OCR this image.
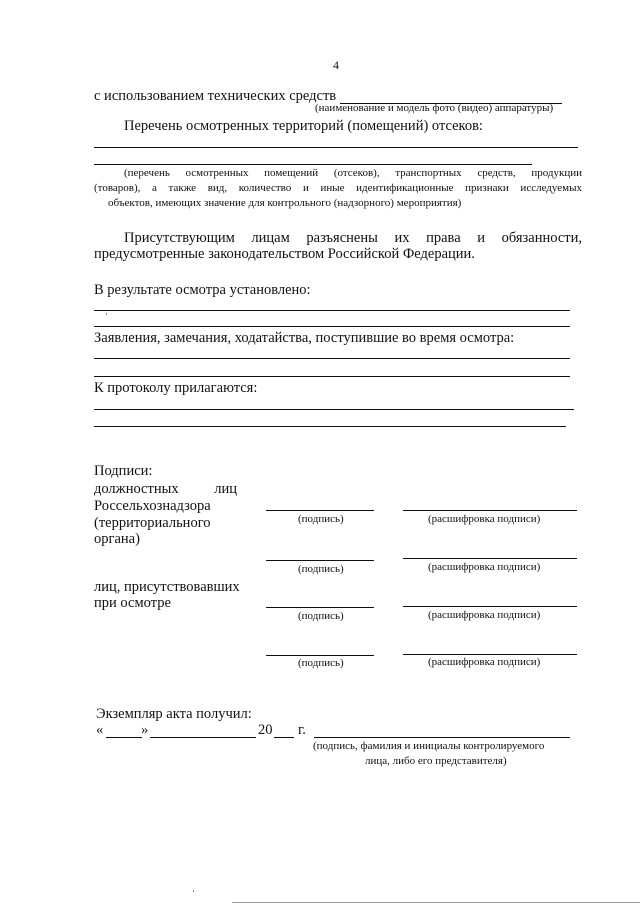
4
с использованием технических средств
(наименование и модель фото (видео) аппаратуры)
Перечень осмотренных территорий (помещений) отсеков:
(перечень осмотренных помещений (отсеков), транспортных средств, продукции
(товаров), а также вид, количество и иные идентификационные признаки исследуемых
объектов, имеющих значение для контрольного (надзорного) мероприятия)
Присутствующим лицам разъяснены их права и обязанности,
предусмотренные законодательством Российской Федерации.
В результате осмотра установлено:
Заявления, замечания, ходатайства, поступившие во время осмотра:
К протоколу прилагаются:
Подписи:
должностных лиц
Россельхознадзора
(территориального
органа)
лиц, присутствовавших
при осмотре
(подпись)	(расшифровка подписи)
(подпись)	(расшифровка подписи)
(подпись)	(расшифровка подписи)
(подпись)	(расшифровка подписи)
Экземпляр акта получил:
«	»	20 г.
(подпись, фамилия и инициалы контролируемого
лица, либо его представителя)
